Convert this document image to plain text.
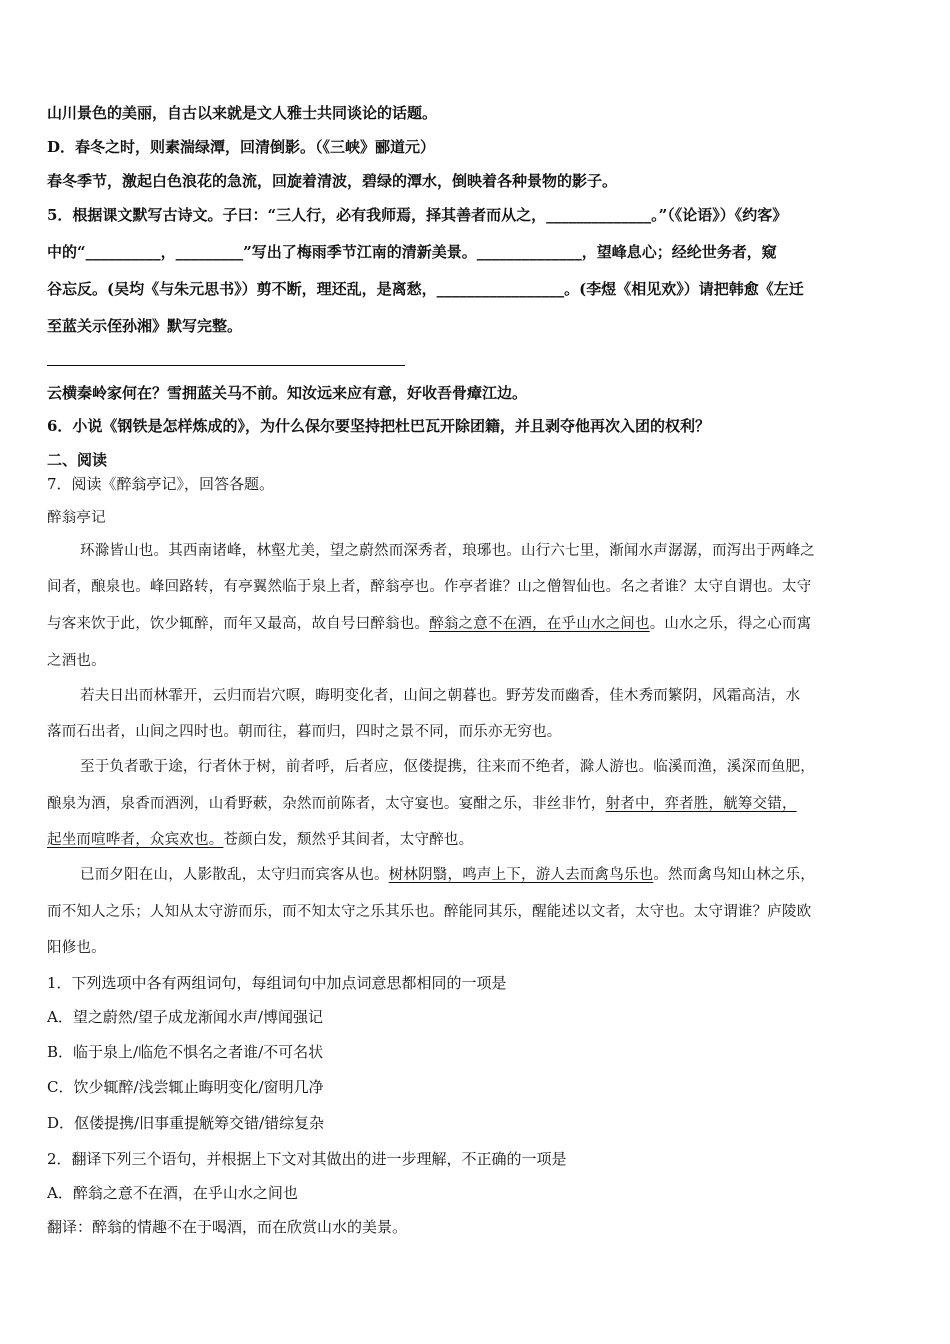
山川景色的美丽，自古以来就是文人雅士共同谈论的话题。
D．春冬之时，则素湍绿潭，回清倒影。（《三峡》郦道元）
春冬季节，激起白色浪花的急流，回旋着清波，碧绿的潭水，倒映着各种景物的影子。
5．根据课文默写古诗文。子曰：“三人行，必有我师焉，择其善者而从之，______________。”（《论语》）《约客》
中的“__________，_________”写出了梅雨季节江南的清新美景。______________，望峰息心；经纶世务者，窥
谷忘反。(吴均《与朱元思书》）剪不断，理还乱，是离愁，_________________。(李煜《相见欢》）请把韩愈《左迁
至蓝关示侄孙湘》默写完整。
云横秦岭家何在？雪拥蓝关马不前。知汝远来应有意，好收吾骨瘴江边。
6．小说《钢铁是怎样炼成的》，为什么保尔要坚持把杜巴瓦开除团籍，并且剥夺他再次入团的权利？
二、阅读
7．阅读《醉翁亭记》，回答各题。
醉翁亭记
环滁皆山也。其西南诸峰，林壑尤美，望之蔚然而深秀者，琅琊也。山行六七里，渐闻水声潺潺，而泻出于两峰之
间者，酿泉也。峰回路转，有亭翼然临于泉上者，醉翁亭也。作亭者谁？山之僧智仙也。名之者谁？太守自谓也。太守
与客来饮于此，饮少辄醉，而年又最高，故自号曰醉翁也。醉翁之意不在酒，在乎山水之间也。山水之乐，得之心而寓
之酒也。
若夫日出而林霏开，云归而岩穴暝，晦明变化者，山间之朝暮也。野芳发而幽香，佳木秀而繁阴，风霜高洁，水
落而石出者，山间之四时也。朝而往，暮而归，四时之景不同，而乐亦无穷也。
至于负者歌于途，行者休于树，前者呼，后者应，伛偻提携，往来而不绝者，滁人游也。临溪而渔，溪深而鱼肥，
酿泉为酒，泉香而酒洌，山肴野蔌，杂然而前陈者，太守宴也。宴酣之乐，非丝非竹，射者中，弈者胜，觥筹交错，
起坐而喧哗者，众宾欢也。苍颜白发，颓然乎其间者，太守醉也。
已而夕阳在山，人影散乱，太守归而宾客从也。树林阴翳，鸣声上下，游人去而禽鸟乐也。然而禽鸟知山林之乐，
而不知人之乐；人知从太守游而乐，而不知太守之乐其乐也。醉能同其乐，醒能述以文者，太守也。太守谓谁？庐陵欧
阳修也。
1．下列选项中各有两组词句，每组词句中加点词意思都相同的一项是
A．望之蔚然/望子成龙渐闻水声/博闻强记
B．临于泉上/临危不惧名之者谁/不可名状
C．饮少辄醉/浅尝辄止晦明变化/窗明几净
D．伛偻提携/旧事重提觥筹交错/错综复杂
2．翻译下列三个语句，并根据上下文对其做出的进一步理解，不正确的一项是
A．醉翁之意不在酒，在乎山水之间也
翻译：醉翁的情趣不在于喝酒，而在欣赏山水的美景。
